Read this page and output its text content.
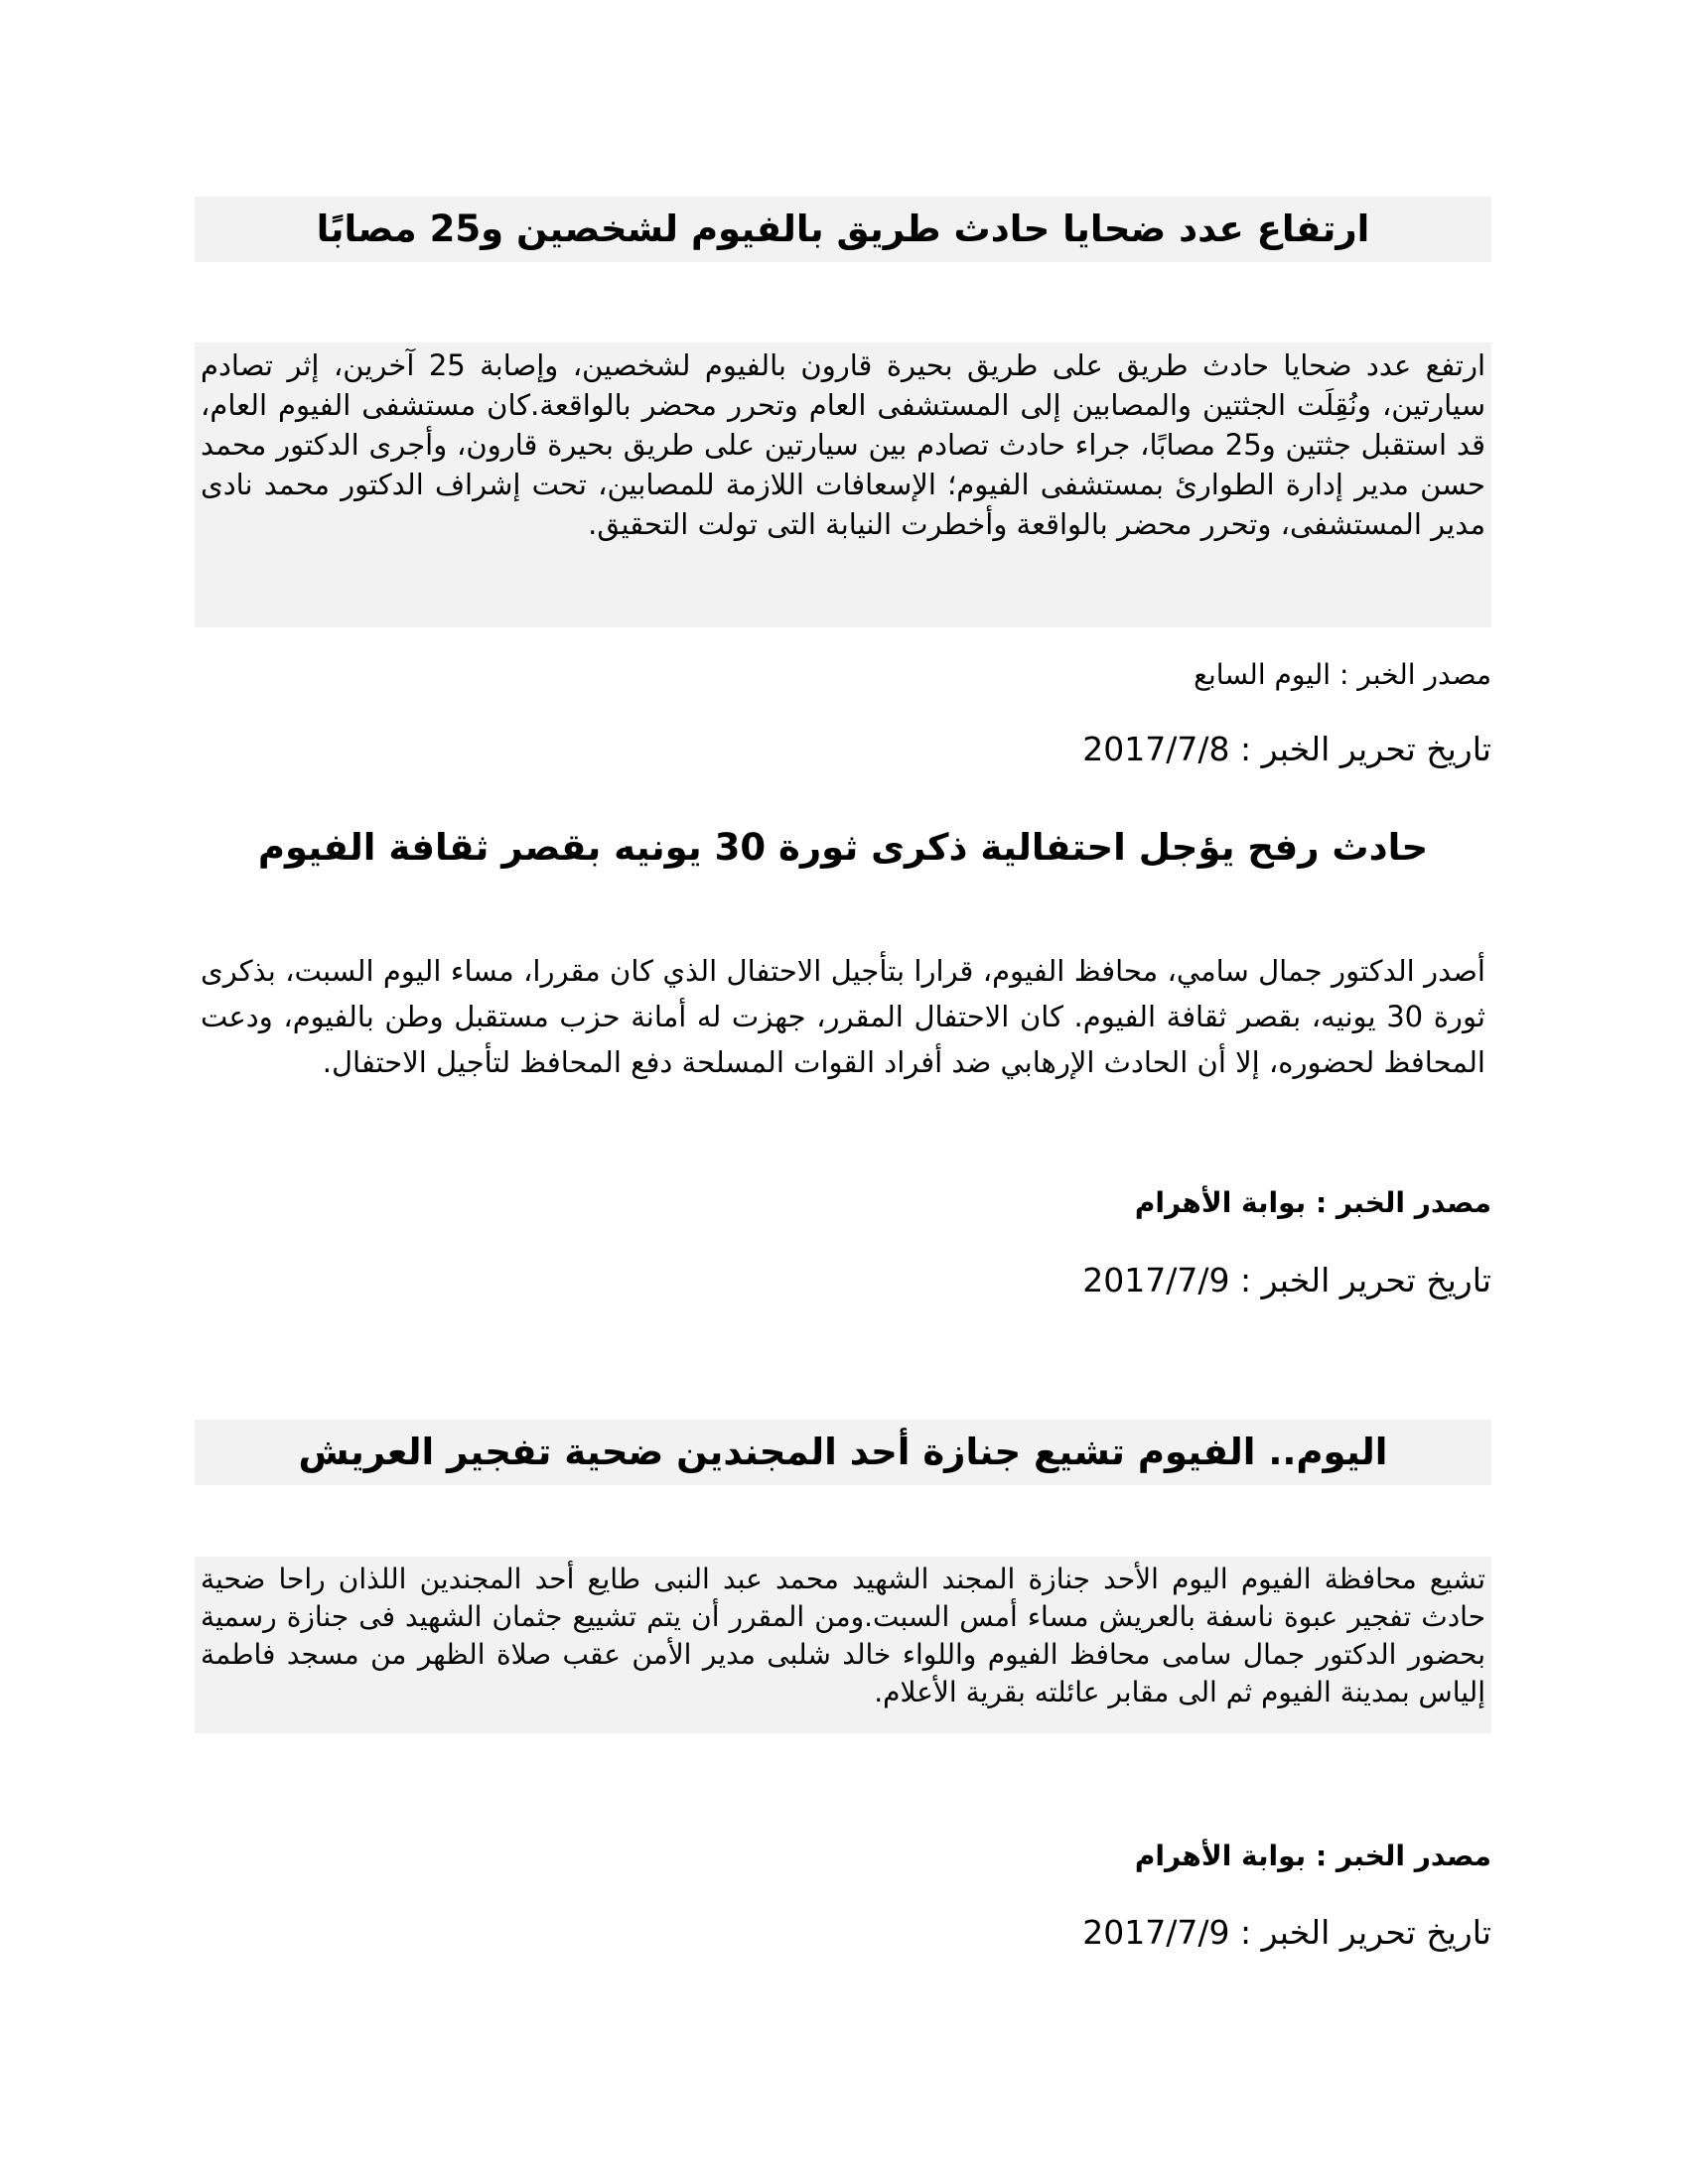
ارتفاع عدد ضحايا حادث طريق بالفيوم لشخصين و25 مصابًا
ارتفع عدد ضحايا حادث طريق على طريق بحيرة قارون بالفيوم لشخصين، وإصابة 25 آخرين، إثر تصادم سيارتين، ونُقِلَت الجثتين والمصابين إلى المستشفى العام وتحرر محضر بالواقعة.كان مستشفى الفيوم العام، قد استقبل جثتين و25 مصابًا، جراء حادث تصادم بين سيارتين على طريق بحيرة قارون، وأجرى الدكتور محمد حسن مدير إدارة الطوارئ بمستشفى الفيوم؛ الإسعافات اللازمة للمصابين، تحت إشراف الدكتور محمد نادى مدير المستشفى، وتحرر محضر بالواقعة وأخطرت النيابة التى تولت التحقيق.
مصدر الخبر : اليوم السابع
تاريخ تحرير الخبر : 2017/7/8
حادث رفح يؤجل احتفالية ذكرى ثورة 30 يونيه بقصر ثقافة الفيوم
أصدر الدكتور جمال سامي، محافظ الفيوم، قرارا بتأجيل الاحتفال الذي كان مقررا، مساء اليوم السبت، بذكرى ثورة 30 يونيه، بقصر ثقافة الفيوم. كان الاحتفال المقرر، جهزت له أمانة حزب مستقبل وطن بالفيوم، ودعت المحافظ لحضوره، إلا أن الحادث الإرهابي ضد أفراد القوات المسلحة دفع المحافظ لتأجيل الاحتفال.
مصدر الخبر : بوابة الأهرام
تاريخ تحرير الخبر : 2017/7/9
اليوم.. الفيوم تشيع جنازة أحد المجندين ضحية تفجير العريش
تشيع محافظة الفيوم اليوم الأحد جنازة المجند الشهيد محمد عبد النبى طايع أحد المجندين اللذان راحا ضحية حادث تفجير عبوة ناسفة بالعريش مساء أمس السبت.ومن المقرر أن يتم تشييع جثمان الشهيد فى جنازة رسمية بحضور الدكتور جمال سامى محافظ الفيوم واللواء خالد شلبى مدير الأمن عقب صلاة الظهر من مسجد فاطمة إلياس بمدينة الفيوم ثم الى مقابر عائلته بقرية الأعلام.
مصدر الخبر : بوابة الأهرام
تاريخ تحرير الخبر : 2017/7/9
